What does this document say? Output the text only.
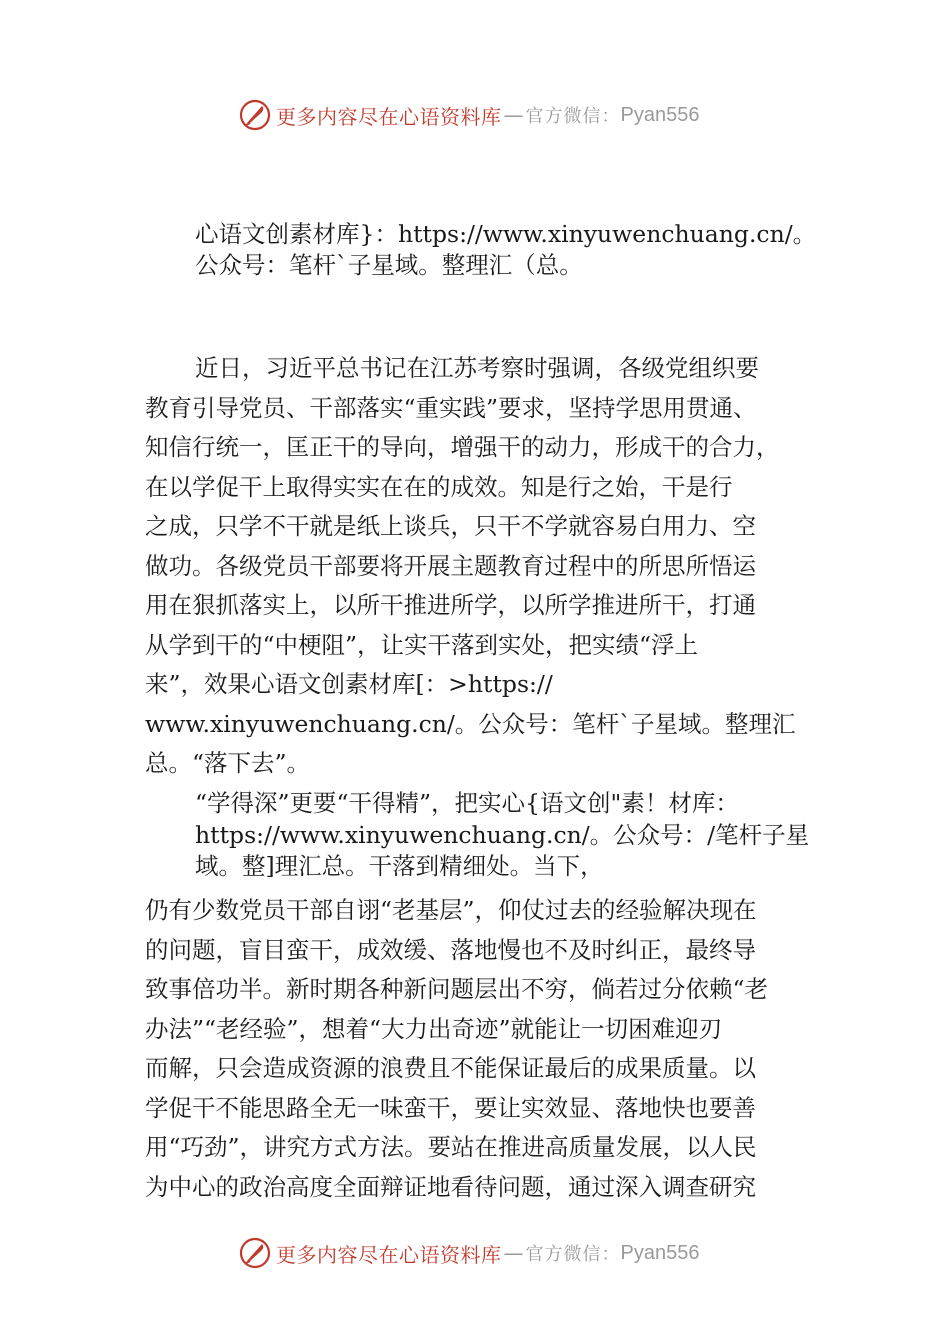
更多内容尽在心语资料库 — 官方微信： Pyan556
心语文创素材库}：https://www.xinyuwenchuang.cn/。
公众号：笔杆`子星域。整理汇（总。
近日，习近平总书记在江苏考察时强调，各级党组织要
教育引导党员、干部落实“重实践”要求，坚持学思用贯通、
知信行统一，匡正干的导向，增强干的动力，形成干的合力，
在以学促干上取得实实在在的成效。知是行之始，干是行
之成，只学不干就是纸上谈兵，只干不学就容易白用力、空
做功。各级党员干部要将开展主题教育过程中的所思所悟运
用在狠抓落实上，以所干推进所学，以所学推进所干，打通
从学到干的“中梗阻”，让实干落到实处，把实绩“浮上
来”，效果心语文创素材库[：>https://
www.xinyuwenchuang.cn/。公众号：笔杆`子星域。整理汇
总。“落下去”。
“学得深”更要“干得精”，把实心{语文创"素！材库：
https://www.xinyuwenchuang.cn/。公众号：/笔杆子星
域。整]理汇总。干落到精细处。当下，
仍有少数党员干部自诩“老基层”，仰仗过去的经验解决现在
的问题，盲目蛮干，成效缓、落地慢也不及时纠正，最终导
致事倍功半。新时期各种新问题层出不穷，倘若过分依赖“老
办法”“老经验”，想着“大力出奇迹”就能让一切困难迎刃
而解，只会造成资源的浪费且不能保证最后的成果质量。以
学促干不能思路全无一味蛮干，要让实效显、落地快也要善
用“巧劲”，讲究方式方法。要站在推进高质量发展，以人民
为中心的政治高度全面辩证地看待问题，通过深入调查研究
更多内容尽在心语资料库 — 官方微信： Pyan556
